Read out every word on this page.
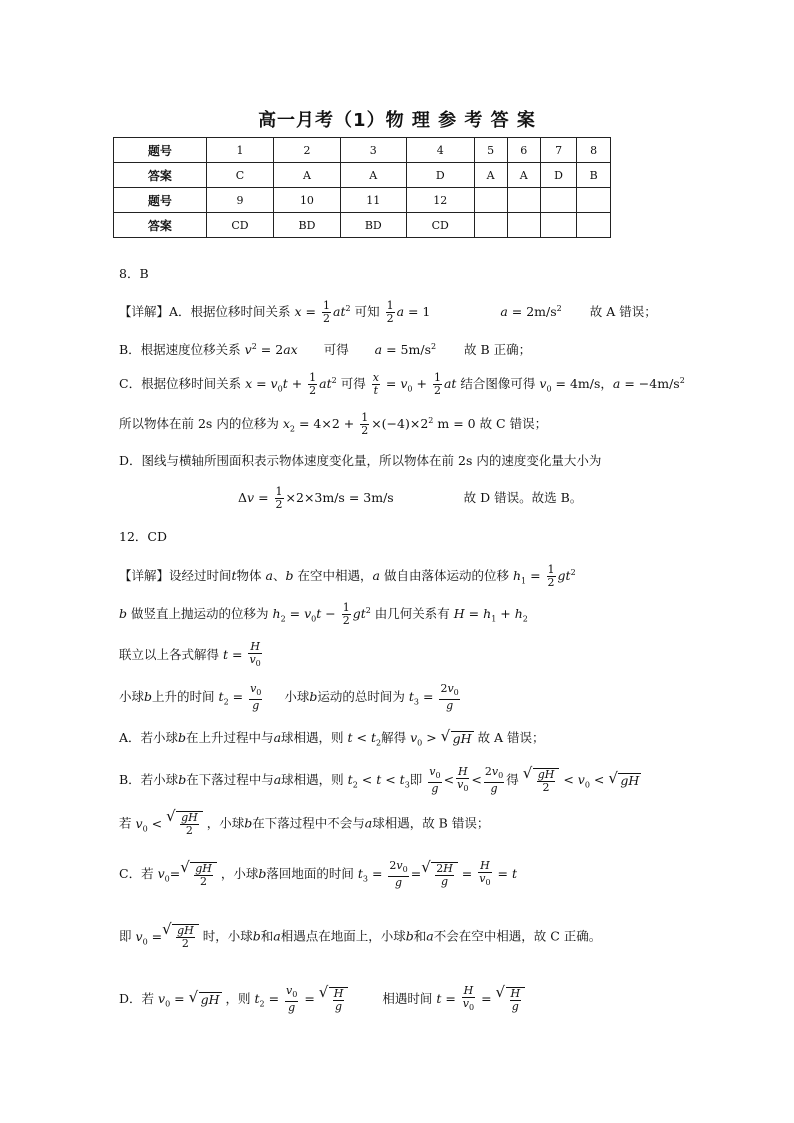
高一月考（1）物 理 参 考 答 案
题号	1	2	3	4	5	6	7	8
答案	C	A	A	D	A	A	D	B
题号	9	10	11	12				
答案	CD	BD	BD	CD				
8．B
【详解】A．根据位移时间关系 $x = \frac{1}{2} at^2$ 可知 $\frac{1}{2}$ a = 1	$a = 2m/s^2$ 故 A 错误；
B．根据速度位移关系 $v^2 = 2ax$ 可得 $a = 5m/s^2$ 故 B 正确；
C．根据位移时间关系 $x = v_0t + \frac{1}{2} at^2$ 可得 $\frac{x}{t} = v_0 + \frac{1}{2}$ at 结合图像可得 $v_0 = 4m/s$，$a = -4m/s^2$
所以物体在前 2s 内的位移为 $x_2 = 4\times 2 + \frac{1}{2} \times(-4)\times 2^2$ m = 0 故 C 错误；
D．图线与横轴所围面积表示物体速度变化量，所以物体在前 2s 内的速度变化量大小为
$\Delta v = \frac{1}{2} \times 2\times 3m/s = 3m/s$	故 D 错误。故选 B。
12．CD
【详解】设经过时间t物体 a、b 在空中相遇，a 做自由落体运动的位移 $h_1 = \frac{1}{2} gt^2$
b 做竖直上抛运动的位移为 $h_2 = v_0t - \frac{1}{2} gt^2$ 由几何关系有 $H = h_1 + h_2$
联立以上各式解得 $t = \frac{H}{v_0}$
小球b上升的时间 $t_2 = \frac{v_0}{g}$ 小球b运动的总时间为 $t_3 = \frac{2v_0}{g}$
A．若小球b在上升过程中与a球相遇，则 $t < t_2$解得 $v_0$ > √ gH 故 A 错误；
B．若小球b在下落过程中与a球相遇，则 $t_2 < t < t_3$即 $\frac{v_0}{g} < \frac{H}{v_0} < \frac{2v_0}{g}$ 得 √ $\frac{gH}{2} < v_0$ < √ gH
若 $v_0$ < √ $\frac{gH}{2}$ ，小球b在下落过程中不会与a球相遇，故 B 错误；
C．若 $v_0=$ √ $\frac{gH}{2}$ ，小球b落回地面的时间 $t_3 = \frac{2v_0}{g}$ = √ $\frac{2H}{g} = \frac{H}{v_0} = t$
即 $v_0$ = √ $\frac{gH}{2}$ 时，小球b和a相遇点在地面上，小球b和a不会在空中相遇，故 C 正确。
D．若 $v_0$ = √ gH ，则 $t_2 = \frac{v_0}{g}$ = √ $\frac{H}{g}$	相遇时间 $t = \frac{H}{v_0}$ = √ $\frac{H}{g}$
